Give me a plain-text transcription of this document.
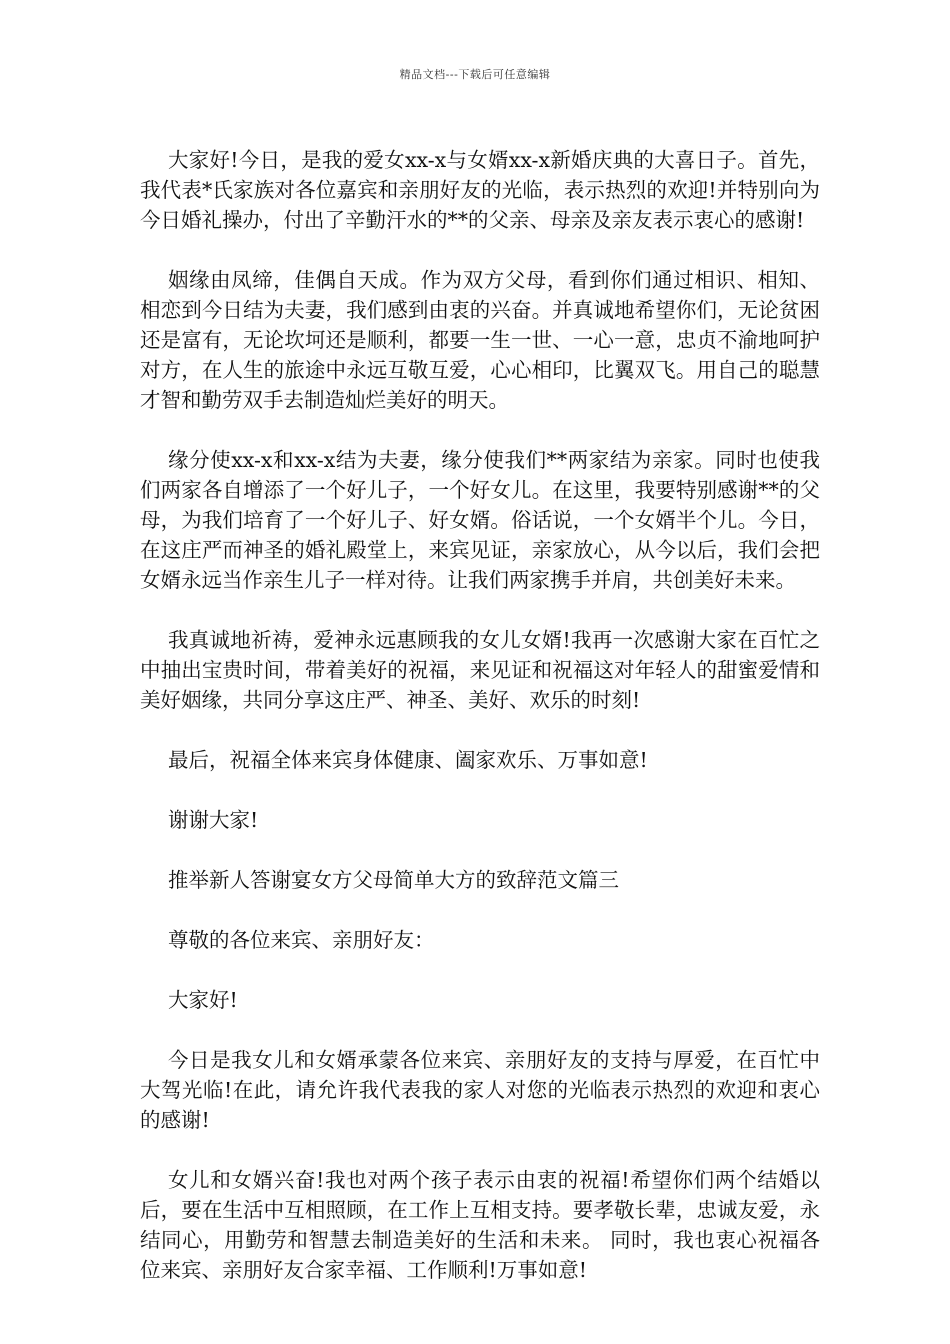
精品文档---下载后可任意编辑

大家好!今日，是我的爱女xx-x与女婿xx-x新婚庆典的大喜日子。首先，我代表*氏家族对各位嘉宾和亲朋好友的光临，表示热烈的欢迎!并特别向为今日婚礼操办，付出了辛勤汗水的**的父亲、母亲及亲友表示衷心的感谢!

姻缘由凤缔，佳偶自天成。作为双方父母，看到你们通过相识、相知、相恋到今日结为夫妻，我们感到由衷的兴奋。并真诚地希望你们，无论贫困还是富有，无论坎坷还是顺利，都要一生一世、一心一意，忠贞不渝地呵护对方，在人生的旅途中永远互敬互爱，心心相印，比翼双飞。用自己的聪慧才智和勤劳双手去制造灿烂美好的明天。

缘分使xx-x和xx-x结为夫妻，缘分使我们**两家结为亲家。同时也使我们两家各自增添了一个好儿子，一个好女儿。在这里，我要特别感谢**的父母，为我们培育了一个好儿子、好女婿。俗话说，一个女婿半个儿。今日，在这庄严而神圣的婚礼殿堂上，来宾见证，亲家放心，从今以后，我们会把女婿永远当作亲生儿子一样对待。让我们两家携手并肩，共创美好未来。

我真诚地祈祷，爱神永远惠顾我的女儿女婿!我再一次感谢大家在百忙之中抽出宝贵时间，带着美好的祝福，来见证和祝福这对年轻人的甜蜜爱情和美好姻缘，共同分享这庄严、神圣、美好、欢乐的时刻!

最后，祝福全体来宾身体健康、阖家欢乐、万事如意!

谢谢大家!

推举新人答谢宴女方父母简单大方的致辞范文篇三

尊敬的各位来宾、亲朋好友：

大家好!

今日是我女儿和女婿承蒙各位来宾、亲朋好友的支持与厚爱，在百忙中大驾光临!在此，请允许我代表我的家人对您的光临表示热烈的欢迎和衷心的感谢!

女儿和女婿兴奋!我也对两个孩子表示由衷的祝福!希望你们两个结婚以后，要在生活中互相照顾，在工作上互相支持。要孝敬长辈，忠诚友爱，永结同心，用勤劳和智慧去制造美好的生活和未来。 同时，我也衷心祝福各位来宾、亲朋好友合家幸福、工作顺利!万事如意!
